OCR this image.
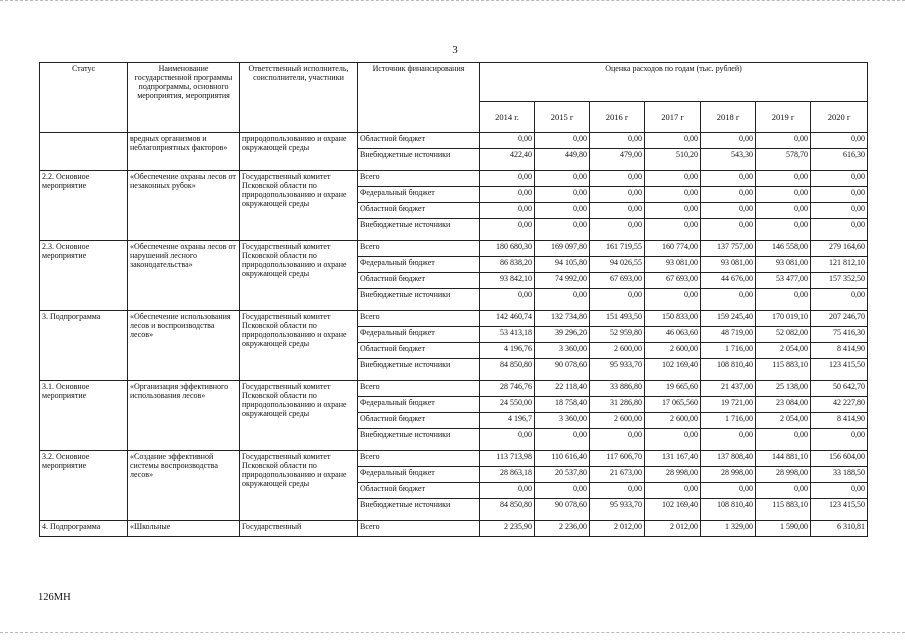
3
Статус	Наименование государственной программы подпрограммы, основного мероприятия, мероприятия	Ответственный исполнитель, соисполнители, участники	Источник финансирования	Оценка расходов по годам (тыс. рублей)						
				2014 г.	2015 г	2016 г	2017 г	2018 г	2019 г	2020 г
	вредных организмов и неблагоприятных факторов»	природопользованию и охране окружающей среды	Областной бюджет	0,00	0,00	0,00	0,00	0,00	0,00	0,00
			Внебюджетные источники	422,40	449,80	479,00	510,20	543,30	578,70	616,30
2.2. Основное мероприятие	«Обеспечение охраны лесов от незаконных рубок»	Государственный комитет Псковской области по природопользованию и охране окружающей среды	Всего	0,00	0,00	0,00	0,00	0,00	0,00	0,00
			Федеральный бюджет	0,00	0,00	0,00	0,00	0,00	0,00	0,00
			Областной бюджет	0,00	0,00	0,00	0,00	0,00	0,00	0,00
			Внебюджетные источники	0,00	0,00	0,00	0,00	0,00	0,00	0,00
2.3. Основное мероприятие	«Обеспечение охраны лесов от нарушений лесного законодательства»	Государственный комитет Псковской области по природопользованию и охране окружающей среды	Всего	180 680,30	169 097,80	161 719,55	160 774,00	137 757,00	146 558,00	279 164,60
			Федеральный бюджет	86 838,20	94 105,80	94 026,55	93 081,00	93 081,00	93 081,00	121 812,10
			Областной бюджет	93 842,10	74 992,00	67 693,00	67 693,00	44 676,00	53 477,00	157 352,50
			Внебюджетные источники	0,00	0,00	0,00	0,00	0,00	0,00	0,00
3. Подпрограмма	«Обеспечение использования лесов и воспроизводства лесов»	Государственный комитет Псковской области по природопользованию и охране окружающей среды	Всего	142 460,74	132 734,80	151 493,50	150 833,00	159 245,40	170 019,10	207 246,70
			Федеральный бюджет	53 413,18	39 296,20	52 959,80	46 063,60	48 719,00	52 082,00	75 416,30
			Областной бюджет	4 196,76	3 360,00	2 600,00	2 600,00	1 716,00	2 054,00	8 414,90
			Внебюджетные источники	84 850,80	90 078,60	95 933,70	102 169,40	108 810,40	115 883,10	123 415,50
3.1. Основное мероприятие	«Организация эффективного использования лесов»	Государственный комитет Псковской области по природопользованию и охране окружающей среды	Всего	28 746,76	22 118,40	33 886,80	19 665,60	21 437,00	25 138,00	50 642,70
			Федеральный бюджет	24 550,00	18 758,40	31 286,80	17 065,560	19 721,00	23 084,00	42 227,80
			Областной бюджет	4 196,7	3 360,00	2 600,00	2 600,00	1 716,00	2 054,00	8 414,90
			Внебюджетные источники	0,00	0,00	0,00	0,00	0,00	0,00	0,00
3.2. Основное мероприятие	«Создание эффективной системы воспроизводства лесов»	Государственный комитет Псковской области по природопользованию и охране окружающей среды	Всего	113 713,98	110 616,40	117 606,70	131 167,40	137 808,40	144 881,10	156 604,00
			Федеральный бюджет	28 863,18	20 537,80	21 673,00	28 998,00	28 998,00	28 998,00	33 188,50
			Областной бюджет	0,00	0,00	0,00	0,00	0,00	0,00	0,00
			Внебюджетные источники	84 850,80	90 078,60	95 933,70	102 169,40	108 810,40	115 883,10	123 415,50
4. Подпрограмма	«Школьные	Государственный	Всего	2 235,90	2 236,00	2 012,00	2 012,00	1 329,00	1 590,00	6 310,81
126МН
